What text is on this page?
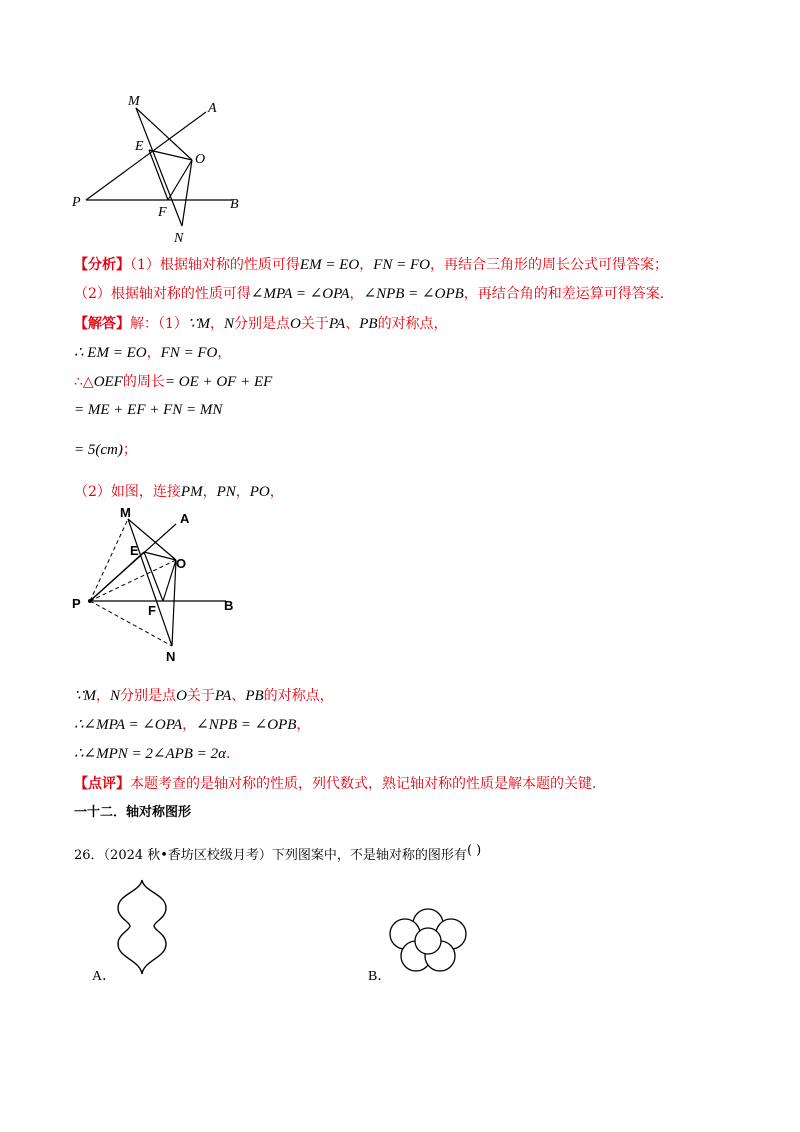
M	A
E
O
P
F
B
N
【分析】（1）根据轴对称的性质可得EM = EO，FN = FO，再结合三角形的周长公式可得答案；
（2）根据轴对称的性质可得∠MPA = ∠OPA，∠NPB = ∠OPB，再结合角的和差运算可得答案．
【解答】解：（1）∵M，N分别是点O关于PA、PB的对称点，
∴ EM = EO，FN = FO，
∴△OEF的周长= OE + OF + EF
= ME + EF + FN = MN
= 5(cm)；
（2）如图，连接PM，PN，PO，
M	A
E
O
P	F	B
N
∵M，N分别是点O关于PA、PB的对称点，
∴∠MPA = ∠OPA，∠NPB = ∠OPB，
∴∠MPN = 2∠APB = 2α．
【点评】本题考查的是轴对称的性质，列代数式，熟记轴对称的性质是解本题的关键．
一十二．轴对称图形
26．（2024 秋•香坊区校级月考）下列图案中，不是轴对称的图形有( )
A．	B．
